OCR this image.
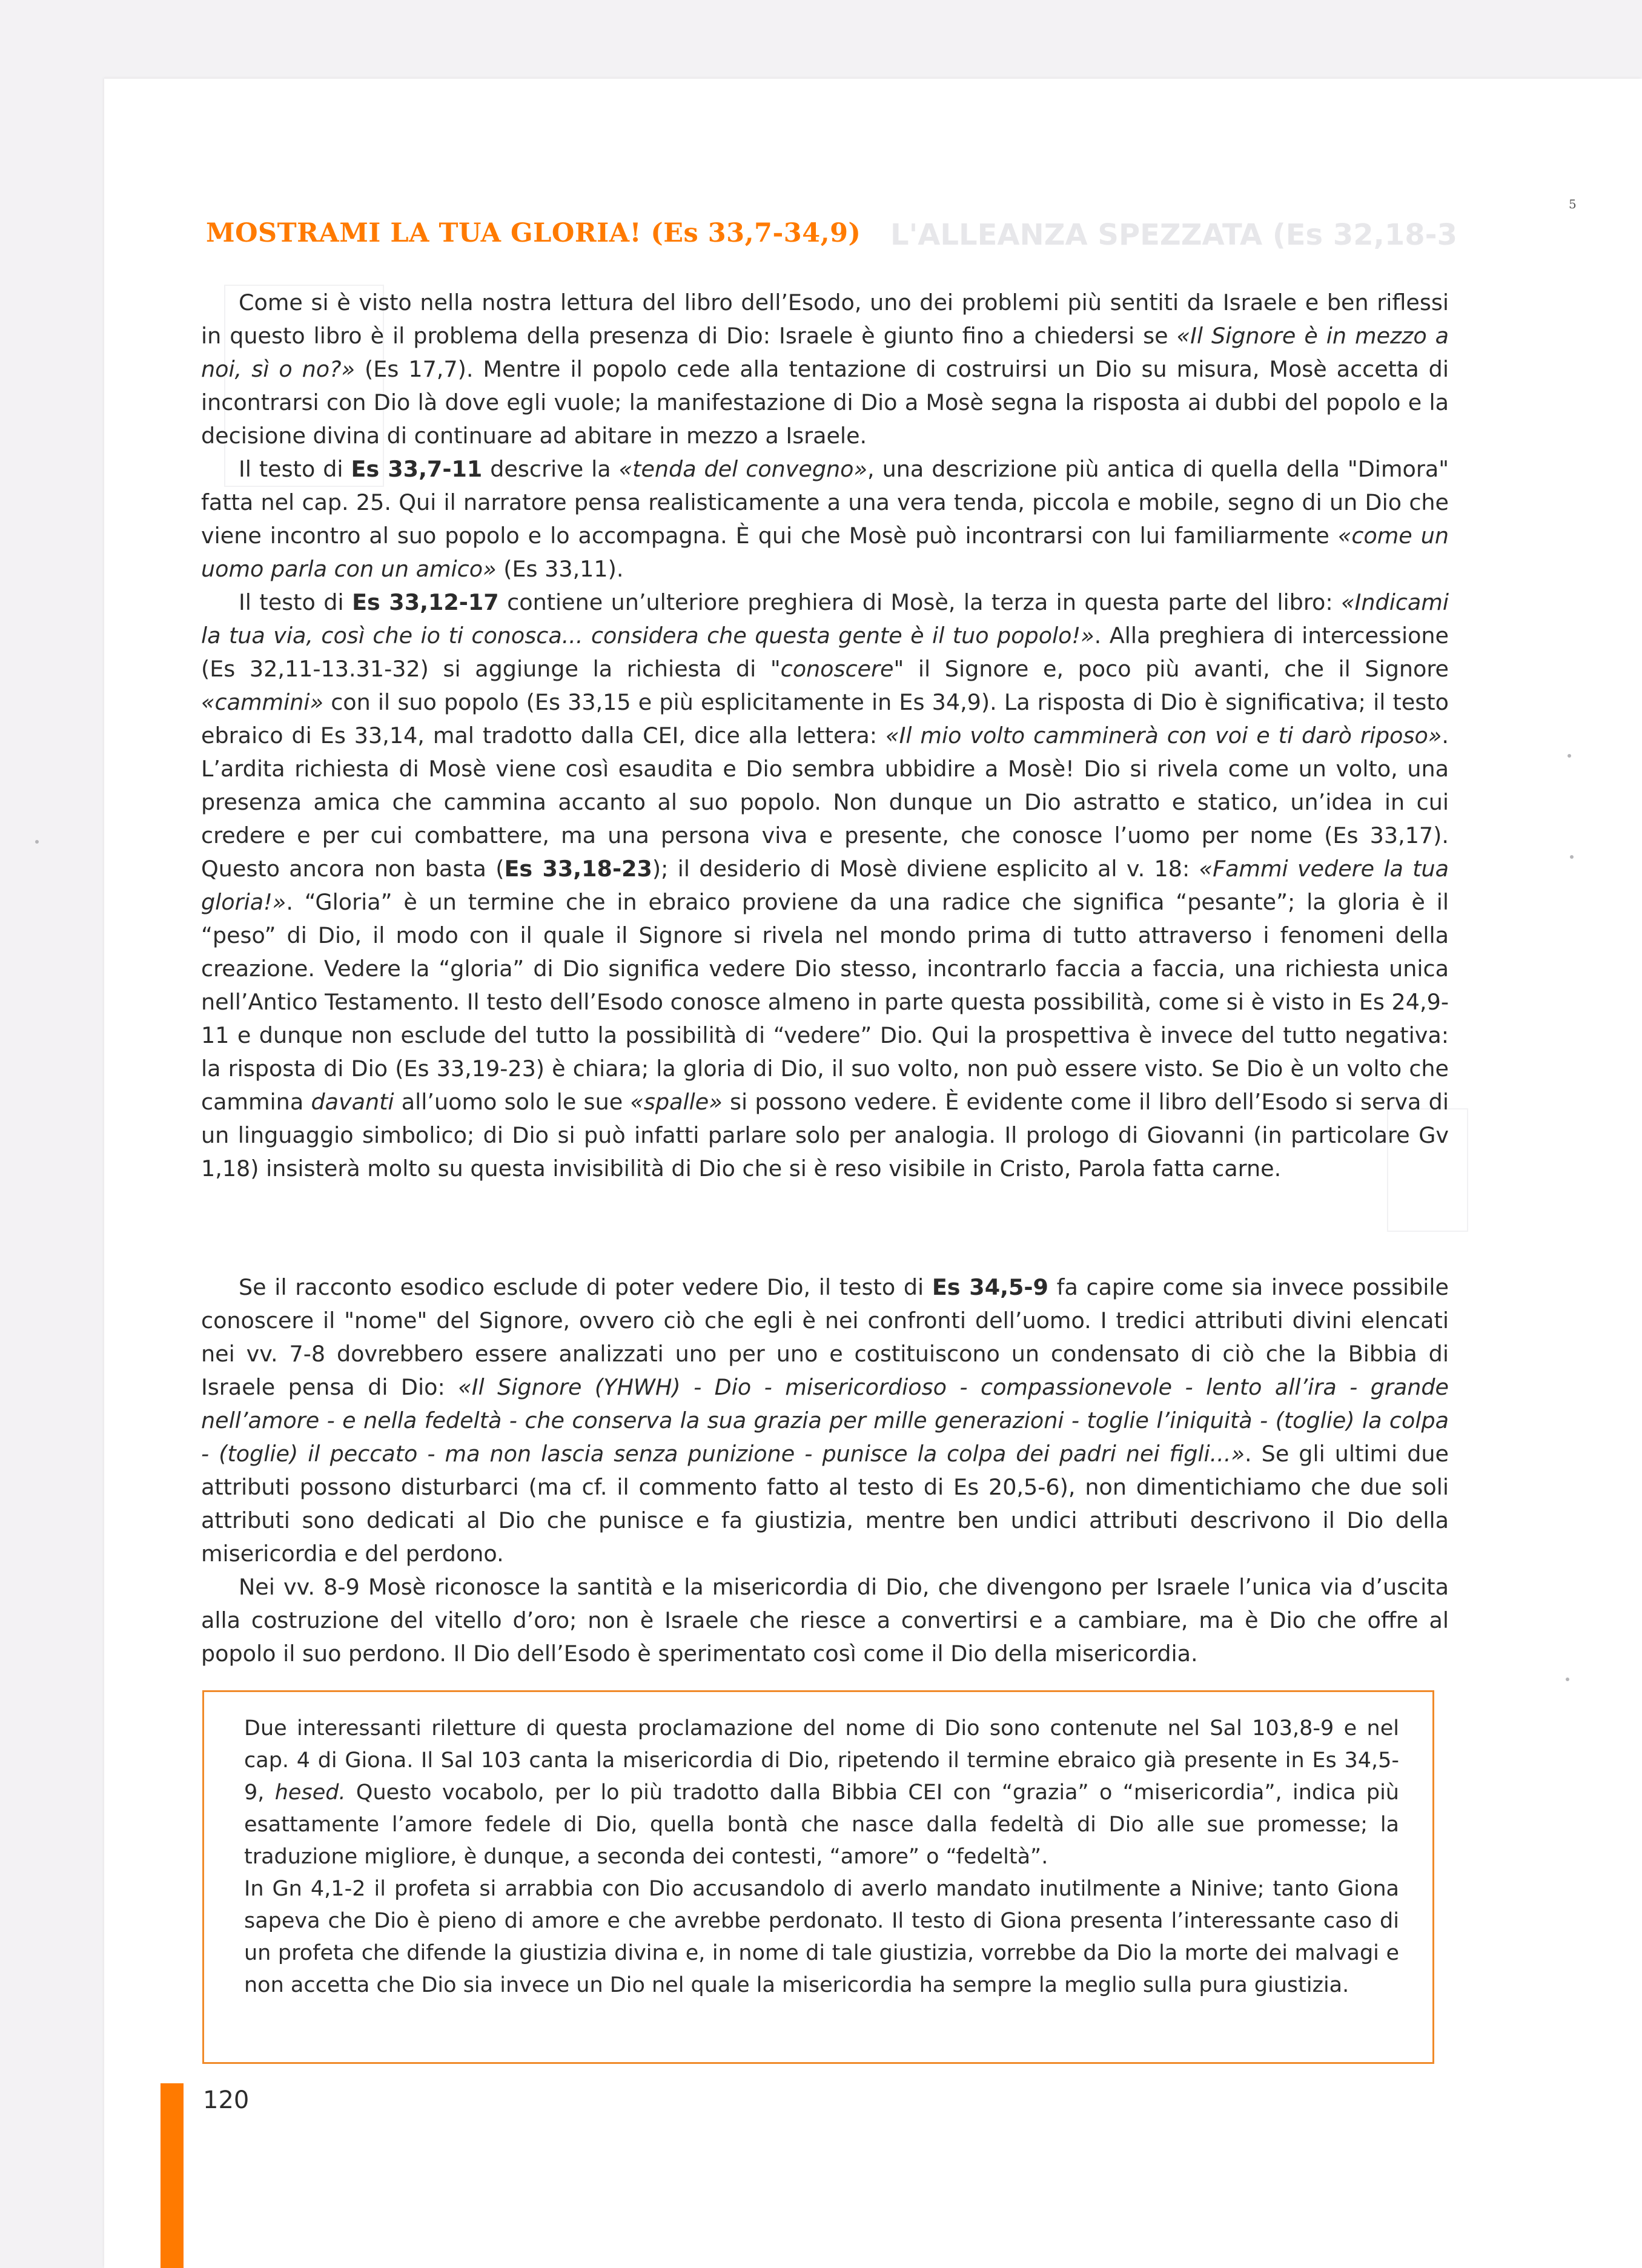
L'ALLEANZA SPEZZATA (Es 32,18-3
5
MOSTRAMI LA TUA GLORIA! (Es 33,7-34,9)

Come si è visto nella nostra lettura del libro dell’Esodo, uno dei problemi più sentiti da Israele e ben riflessi in questo libro è il problema della presenza di Dio: Israele è giunto fino a chiedersi se «Il Signore è in mezzo a noi, sì o no?» (Es 17,7). Mentre il popolo cede alla tentazione di costruirsi un Dio su misura, Mosè accetta di incontrarsi con Dio là dove egli vuole; la manifestazione di Dio a Mosè segna la risposta ai dubbi del popolo e la decisione divina di continuare ad abitare in mezzo a Israele.

Il testo di Es 33,7-11 descrive la «tenda del convegno», una descrizione più antica di quella della "Dimora" fatta nel cap. 25. Qui il narratore pensa realisticamente a una vera tenda, piccola e mobile, segno di un Dio che viene incontro al suo popolo e lo accompagna. È qui che Mosè può incontrarsi con lui familiarmente «come un uomo parla con un amico» (Es 33,11).

Il testo di Es 33,12-17 contiene un’ulteriore preghiera di Mosè, la terza in questa parte del libro: «Indicami la tua via, così che io ti conosca... considera che questa gente è il tuo popolo!». Alla preghiera di intercessione (Es 32,11-13.31-32) si aggiunge la richiesta di "conoscere" il Signore e, poco più avanti, che il Signore «cammini» con il suo popolo (Es 33,15 e più esplicitamente in Es 34,9). La risposta di Dio è significativa; il testo ebraico di Es 33,14, mal tradotto dalla CEI, dice alla lettera: «Il mio volto camminerà con voi e ti darò riposo». L’ardita richiesta di Mosè viene così esaudita e Dio sembra ubbidire a Mosè! Dio si rivela come un volto, una presenza amica che cammina accanto al suo popolo. Non dunque un Dio astratto e statico, un’idea in cui credere e per cui combattere, ma una persona viva e presente, che conosce l’uomo per nome (Es 33,17). Questo ancora non basta (Es 33,18-23); il desiderio di Mosè diviene esplicito al v. 18: «Fammi vedere la tua gloria!». “Gloria” è un termine che in ebraico proviene da una radice che significa “pesante”; la gloria è il “peso” di Dio, il modo con il quale il Signore si rivela nel mondo prima di tutto attraverso i fenomeni della creazione. Vedere la “gloria” di Dio significa vedere Dio stesso, incontrarlo faccia a faccia, una richiesta unica nell’Antico Testamento. Il testo dell’Esodo conosce almeno in parte questa possibilità, come si è visto in Es 24,9-11 e dunque non esclude del tutto la possibilità di “vedere” Dio. Qui la prospettiva è invece del tutto negativa: la risposta di Dio (Es 33,19-23) è chiara; la gloria di Dio, il suo volto, non può essere visto. Se Dio è un volto che cammina davanti all’uomo solo le sue «spalle» si possono vedere. È evidente come il libro dell’Esodo si serva di un linguaggio simbolico; di Dio si può infatti parlare solo per analogia. Il prologo di Giovanni (in particolare Gv 1,18) insisterà molto su questa invisibilità di Dio che si è reso visibile in Cristo, Parola fatta carne.

Se il racconto esodico esclude di poter vedere Dio, il testo di Es 34,5-9 fa capire come sia invece possibile conoscere il "nome" del Signore, ovvero ciò che egli è nei confronti dell’uomo. I tredici attributi divini elencati nei vv. 7-8 dovrebbero essere analizzati uno per uno e costituiscono un condensato di ciò che la Bibbia di Israele pensa di Dio: «Il Signore (YHWH) - Dio - misericordioso - compassionevole - lento all’ira - grande nell’amore - e nella fedeltà - che conserva la sua grazia per mille generazioni - toglie l’iniquità - (toglie) la colpa - (toglie) il peccato - ma non lascia senza punizione - punisce la colpa dei padri nei figli...». Se gli ultimi due attributi possono disturbarci (ma cf. il commento fatto al testo di Es 20,5-6), non dimentichiamo che due soli attributi sono dedicati al Dio che punisce e fa giustizia, mentre ben undici attributi descrivono il Dio della misericordia e del perdono.

Nei vv. 8-9 Mosè riconosce la santità e la misericordia di Dio, che divengono per Israele l’unica via d’uscita alla costruzione del vitello d’oro; non è Israele che riesce a convertirsi e a cambiare, ma è Dio che offre al popolo il suo perdono. Il Dio dell’Esodo è sperimentato così come il Dio della misericordia.

Due interessanti riletture di questa proclamazione del nome di Dio sono contenute nel Sal 103,8-9 e nel cap. 4 di Giona. Il Sal 103 canta la misericordia di Dio, ripetendo il termine ebraico già presente in Es 34,5-9, hesed. Questo vocabolo, per lo più tradotto dalla Bibbia CEI con “grazia” o “misericordia”, indica più esattamente l’amore fedele di Dio, quella bontà che nasce dalla fedeltà di Dio alle sue promesse; la traduzione migliore, è dunque, a seconda dei contesti, “amore” o “fedeltà”.

In Gn 4,1-2 il profeta si arrabbia con Dio accusandolo di averlo mandato inutilmente a Ninive; tanto Giona sapeva che Dio è pieno di amore e che avrebbe perdonato. Il testo di Giona presenta l’interessante caso di un profeta che difende la giustizia divina e, in nome di tale giustizia, vorrebbe da Dio la morte dei malvagi e non accetta che Dio sia invece un Dio nel quale la misericordia ha sempre la meglio sulla pura giustizia.

120
